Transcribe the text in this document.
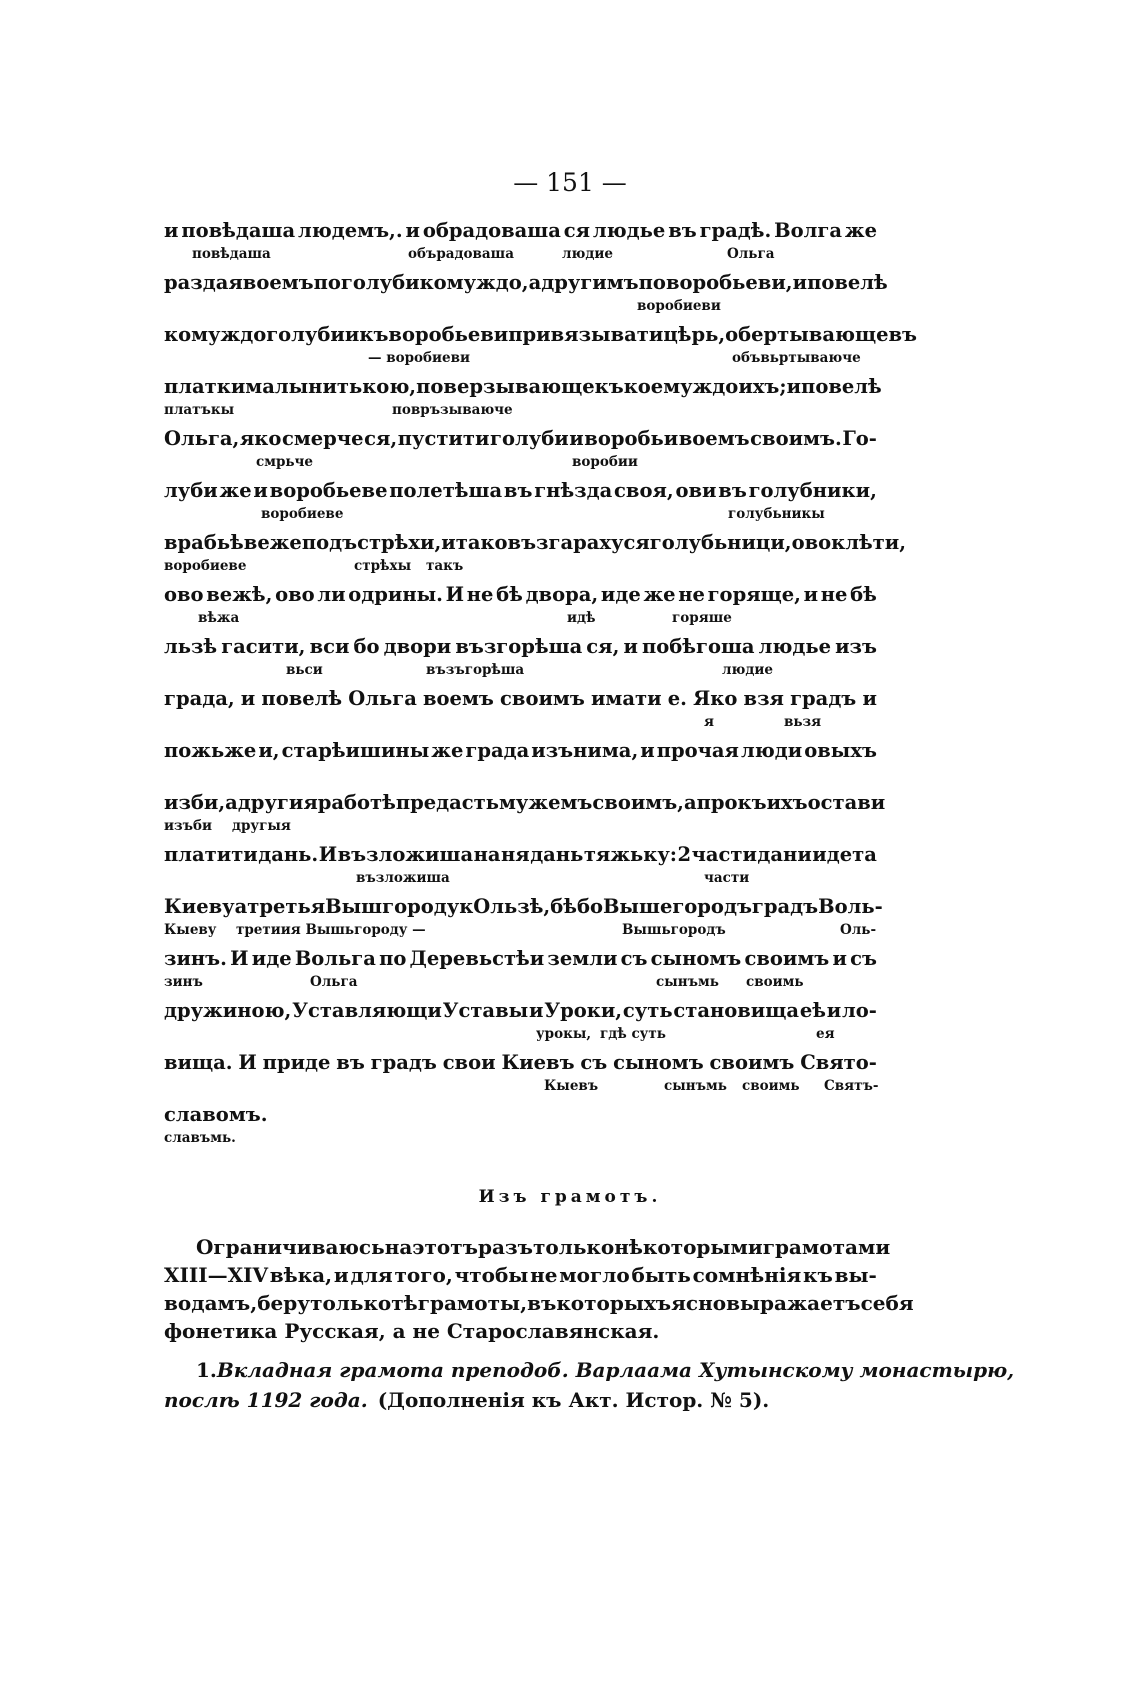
— 151 —
и повѣдаша людемъ,. и обрадоваша ся людье въ градѣ. Волга же
повѣдаша	обърадоваша	людие	Ольга
раздая воемъ по голуби комуждо, а другимъ по воробьеви, и повелѣ
воробиеви
комуждо голуби и къ воробьеви привязывати цѣрь, обертывающе въ
— воробиеви	объвьртываюче
платки малы нитькою, поверзывающе къ коемуждо ихъ; и повелѣ
платъкы	повръзываюче
Ольга, яко смерче ся, пустити голуби и воробьи воемъ своимъ. Го-
смрьче	воробии
луби же и воробьеве полетѣша въ гнѣзда своя, ови въ голубники,
воробиеве	голубьникы
врабьѣве же подъ стрѣхи, и тако възгараху ся голубьници, ово клѣти,
воробиеве	стрѣхы такъ
ово вежѣ, ово ли одрины. И не бѣ двора, иде же не горяще, и не бѣ
вѣжа	идѣ	горяше
льзѣ гасити, вси бо двори възгорѣша ся, и побѣгоша людье изъ
вьси	възъгорѣша	людие
града, и повелѣ Ольга воемъ своимъ имати е. Яко взя градъ и
я	вьзя
пожьже и, старѣишины же града изънима, и прочая люди овыхъ
изби, а другия работѣ предасть мужемъ своимъ, а прокъ ихъ остави
изъби другыя
платити дань. И възложиша на ня дань тяжьку: 2 части дани идета
възложиша	части
Киеву а третья Вышгороду к Ользѣ, бѣ бо Вышегородъ градъ Воль-
Кыеву третиия Вышьгороду —	Вышьгородъ	Оль-
зинъ. И иде Вольга по Деревьстѣи земли съ сыномъ своимъ и съ
зинъ	Ольга	сынъмь своимь
дружиною, Уставляющи Уставы и Уроки, суть становища еѣ и ло-
урокы, гдѣ суть	ея
вища. И приде въ градъ свои Киевъ съ сыномъ своимъ Свято-
Кыевъ	сынъмь своимь Святъ-
славомъ.
славъмь.
Изъ грамотъ.
Ограничиваюсь на этотъ разъ только нѣкоторыми грамотами
XIII—XIV вѣка, и для того, чтобы не могло быть сомнѣнія къ вы-
водамъ, беру только тѣ грамоты, въ которыхъ ясно выражаетъ себя
фонетика Русская, а не Старославянская.
1. Вкладная грамота преподоб. Варлаама Хутынскому монастырю,
послѣ 1192 года. (Дополненія къ Акт. Истор. № 5).
